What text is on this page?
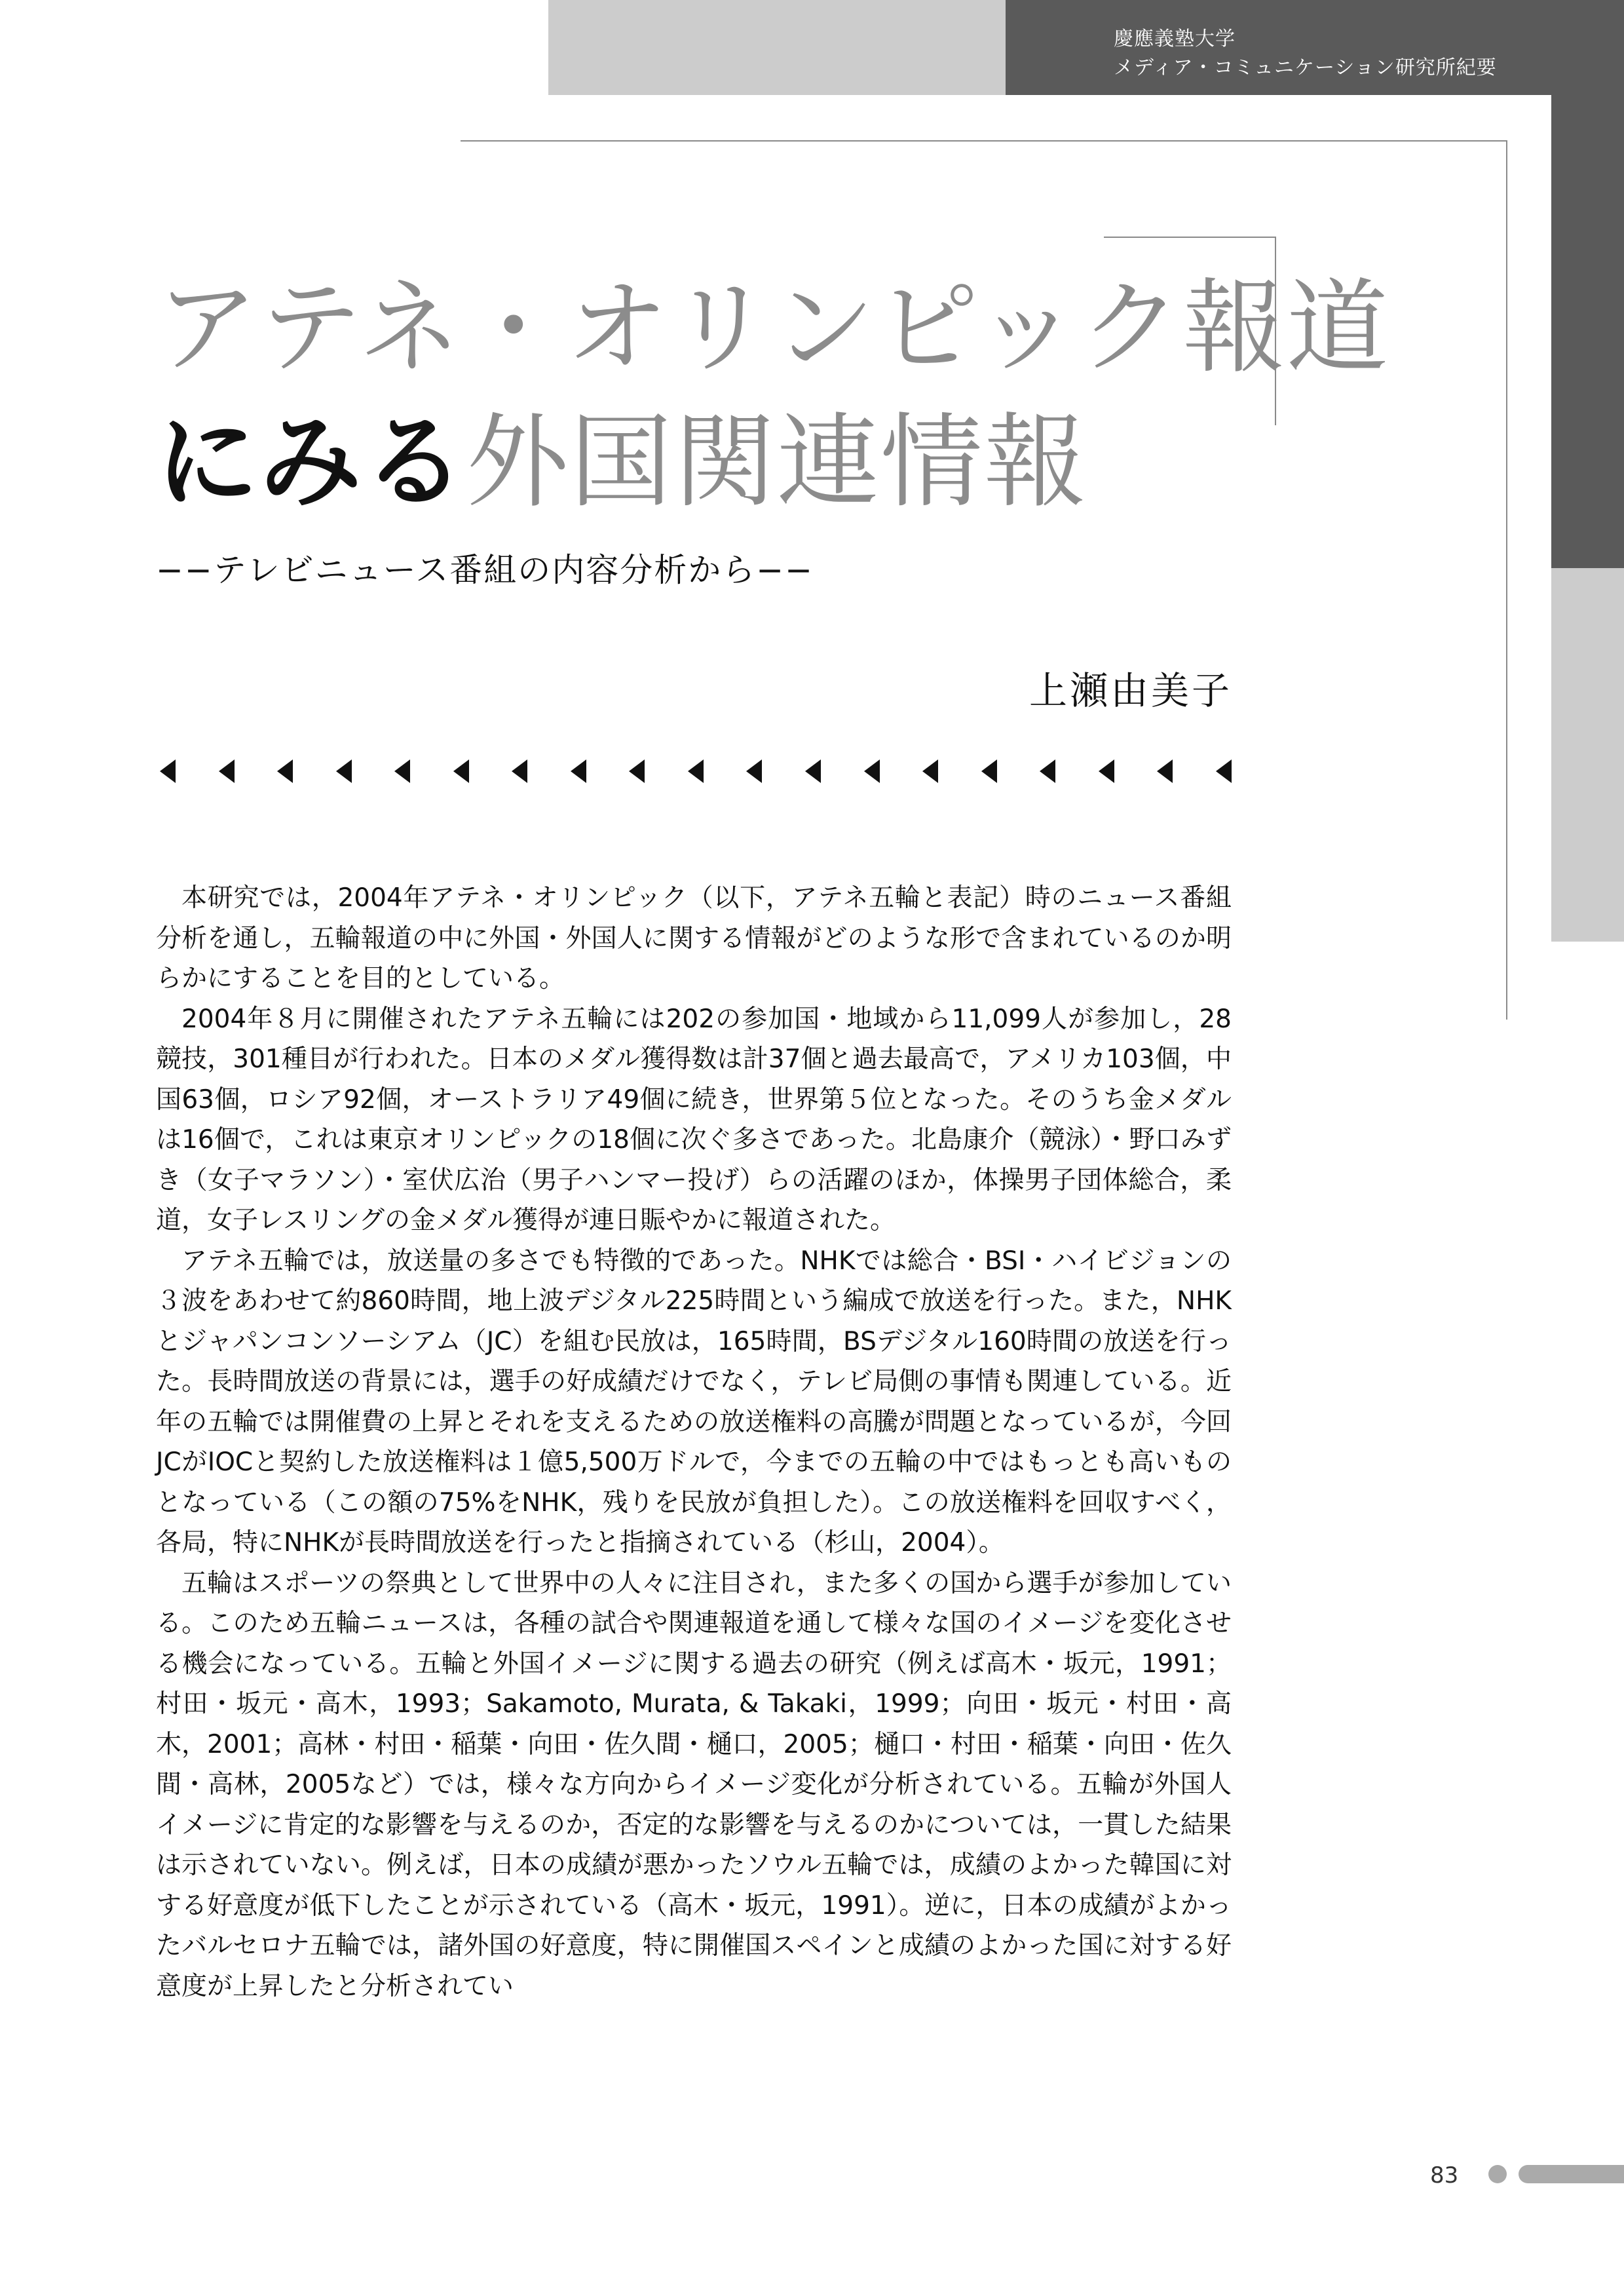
慶應義塾大学
メディア・コミュニケーション研究所紀要
アテネ・オリンピック報道
にみる外国関連情報
−−テレビニュース番組の内容分析から−−
上瀬由美子

本研究では，2004年アテネ・オリンピック（以下，アテネ五輪と表記）時のニュース番組分析を通し，五輪報道の中に外国・外国人に関する情報がどのような形で含まれているのか明らかにすることを目的としている。

2004年８月に開催されたアテネ五輪には202の参加国・地域から11,099人が参加し，28競技，301種目が行われた。日本のメダル獲得数は計37個と過去最高で，アメリカ103個，中国63個，ロシア92個，オーストラリア49個に続き，世界第５位となった。そのうち金メダルは16個で，これは東京オリンピックの18個に次ぐ多さであった。北島康介（競泳）・野口みずき（女子マラソン）・室伏広治（男子ハンマー投げ）らの活躍のほか，体操男子団体総合，柔道，女子レスリングの金メダル獲得が連日賑やかに報道された。

アテネ五輪では，放送量の多さでも特徴的であった。NHKでは総合・BSI・ハイビジョンの３波をあわせて約860時間，地上波デジタル225時間という編成で放送を行った。また，NHKとジャパンコンソーシアム（JC）を組む民放は，165時間，BSデジタル160時間の放送を行った。長時間放送の背景には，選手の好成績だけでなく，テレビ局側の事情も関連している。近年の五輪では開催費の上昇とそれを支えるための放送権料の高騰が問題となっているが，今回JCがIOCと契約した放送権料は１億5,500万ドルで，今までの五輪の中ではもっとも高いものとなっている（この額の75%をNHK，残りを民放が負担した）。この放送権料を回収すべく，各局，特にNHKが長時間放送を行ったと指摘されている（杉山，2004）。

五輪はスポーツの祭典として世界中の人々に注目され，また多くの国から選手が参加している。このため五輪ニュースは，各種の試合や関連報道を通して様々な国のイメージを変化させる機会になっている。五輪と外国イメージに関する過去の研究（例えば高木・坂元，1991；村田・坂元・高木，1993；Sakamoto, Murata, & Takaki，1999；向田・坂元・村田・高木，2001；高林・村田・稲葉・向田・佐久間・樋口，2005；樋口・村田・稲葉・向田・佐久間・高林，2005など）では，様々な方向からイメージ変化が分析されている。五輪が外国人イメージに肯定的な影響を与えるのか，否定的な影響を与えるのかについては，一貫した結果は示されていない。例えば，日本の成績が悪かったソウル五輪では，成績のよかった韓国に対する好意度が低下したことが示されている（高木・坂元，1991）。逆に，日本の成績がよかったバルセロナ五輪では，諸外国の好意度，特に開催国スペインと成績のよかった国に対する好意度が上昇したと分析されてい

83
